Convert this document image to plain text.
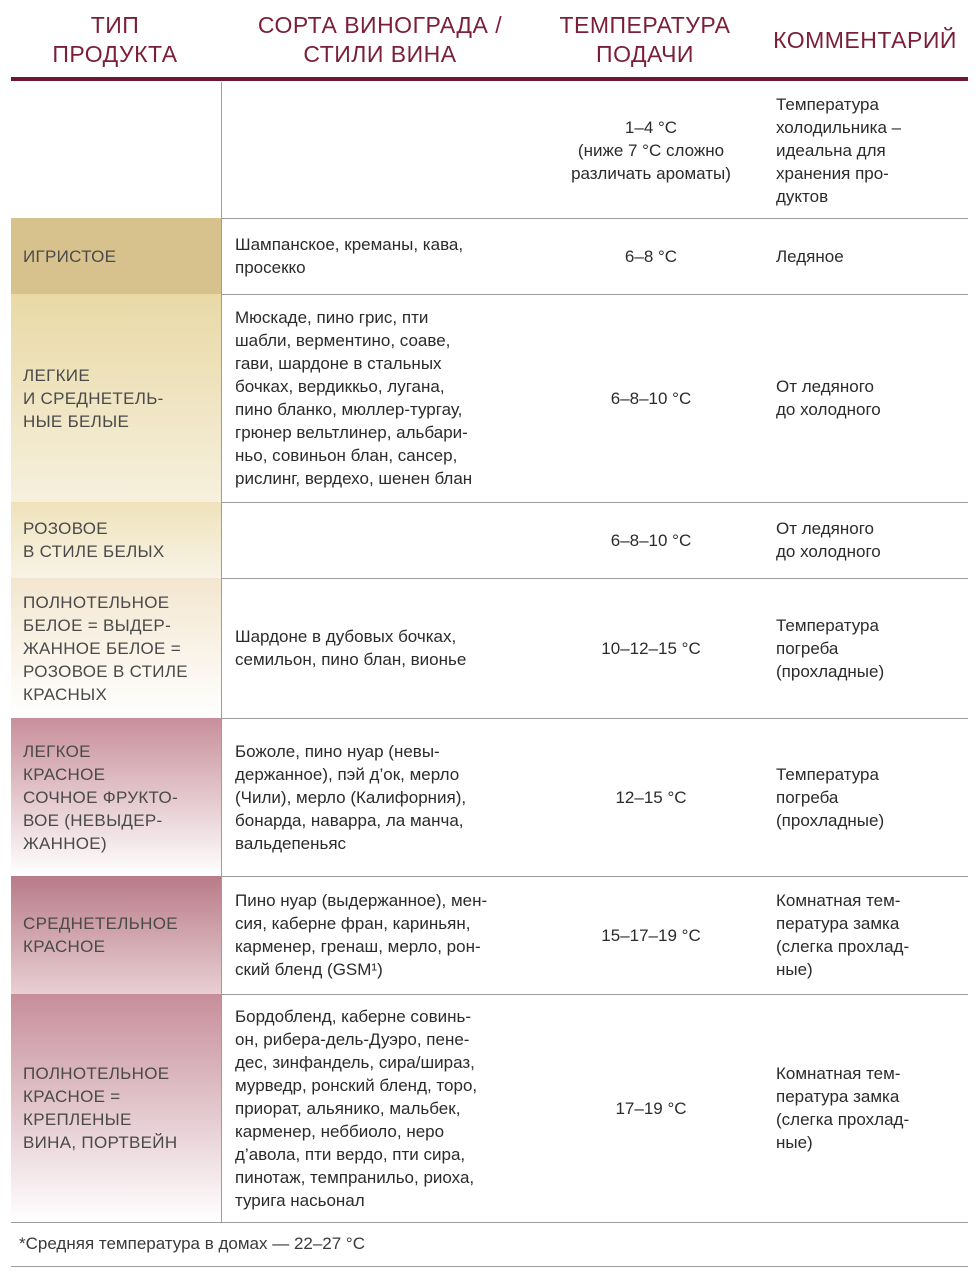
ТИП
ПРОДУКТА
СОРТА ВИНОГРАДА /
СТИЛИ ВИНА
ТЕМПЕРАТУРА
ПОДАЧИ
КОММЕНТАРИЙ
1–4 °C
(ниже 7 °C сложно
различать ароматы)
Температура
холодильника –
идеальна для
хранения про-
дуктов
ИГРИСТОЕ
Шампанское, креманы, кава,
просекко
6–8 °C	Ледяное
ЛЕГКИЕ
И СРЕДНЕТЕЛЬ-
НЫЕ БЕЛЫЕ
Мюскаде, пино грис, пти
шабли, верментино, соаве,
гави, шардоне в стальных
бочках, вердиккьо, лугана,
пино бланко, мюллер-тургау,
грюнер вельтлинер, альбари-
ньо, совиньон блан, сансер,
рислинг, вердехо, шенен блан
6–8–10 °C
От ледяного
до холодного
РОЗОВОЕ
В СТИЛЕ БЕЛЫХ
6–8–10 °C
От ледяного
до холодного
ПОЛНОТЕЛЬНОЕ
БЕЛОЕ = ВЫДЕР-
ЖАННОЕ БЕЛОЕ =
РОЗОВОЕ В СТИЛЕ
КРАСНЫХ
Шардоне в дубовых бочках,
семильон, пино блан, вионье
10–12–15 °C
Температура
погреба
(прохладные)
ЛЕГКОЕ
КРАСНОЕ
СОЧНОЕ ФРУКТО-
ВОЕ (НЕВЫДЕР-
ЖАННОЕ)
Божоле, пино нуар (невы-
держанное), пэй д’ок, мерло
(Чили), мерло (Калифорния),
бонарда, наварра, ла манча,
вальдепеньяс
12–15 °C
Температура
погреба
(прохладные)
СРЕДНЕТЕЛЬНОЕ
КРАСНОЕ
Пино нуар (выдержанное), мен-
сия, каберне фран, кариньян,
карменер, гренаш, мерло, рон-
ский бленд (GSM¹)
15–17–19 °C
Комнатная тем-
пература замка
(слегка прохлад-
ные)
ПОЛНОТЕЛЬНОЕ
КРАСНОЕ =
КРЕПЛЕНЫЕ
ВИНА, ПОРТВЕЙН
Бордобленд, каберне совинь-
он, рибера-дель-Дуэро, пене-
дес, зинфандель, сира/шираз,
мурведр, ронский бленд, торо,
приорат, альянико, мальбек,
карменер, неббиоло, неро
д’авола, пти вердо, пти сира,
пинотаж, темпранильо, риоха,
турига насьонал
17–19 °C
Комнатная тем-
пература замка
(слегка прохлад-
ные)
*Средняя температура в домах — 22–27 °C
